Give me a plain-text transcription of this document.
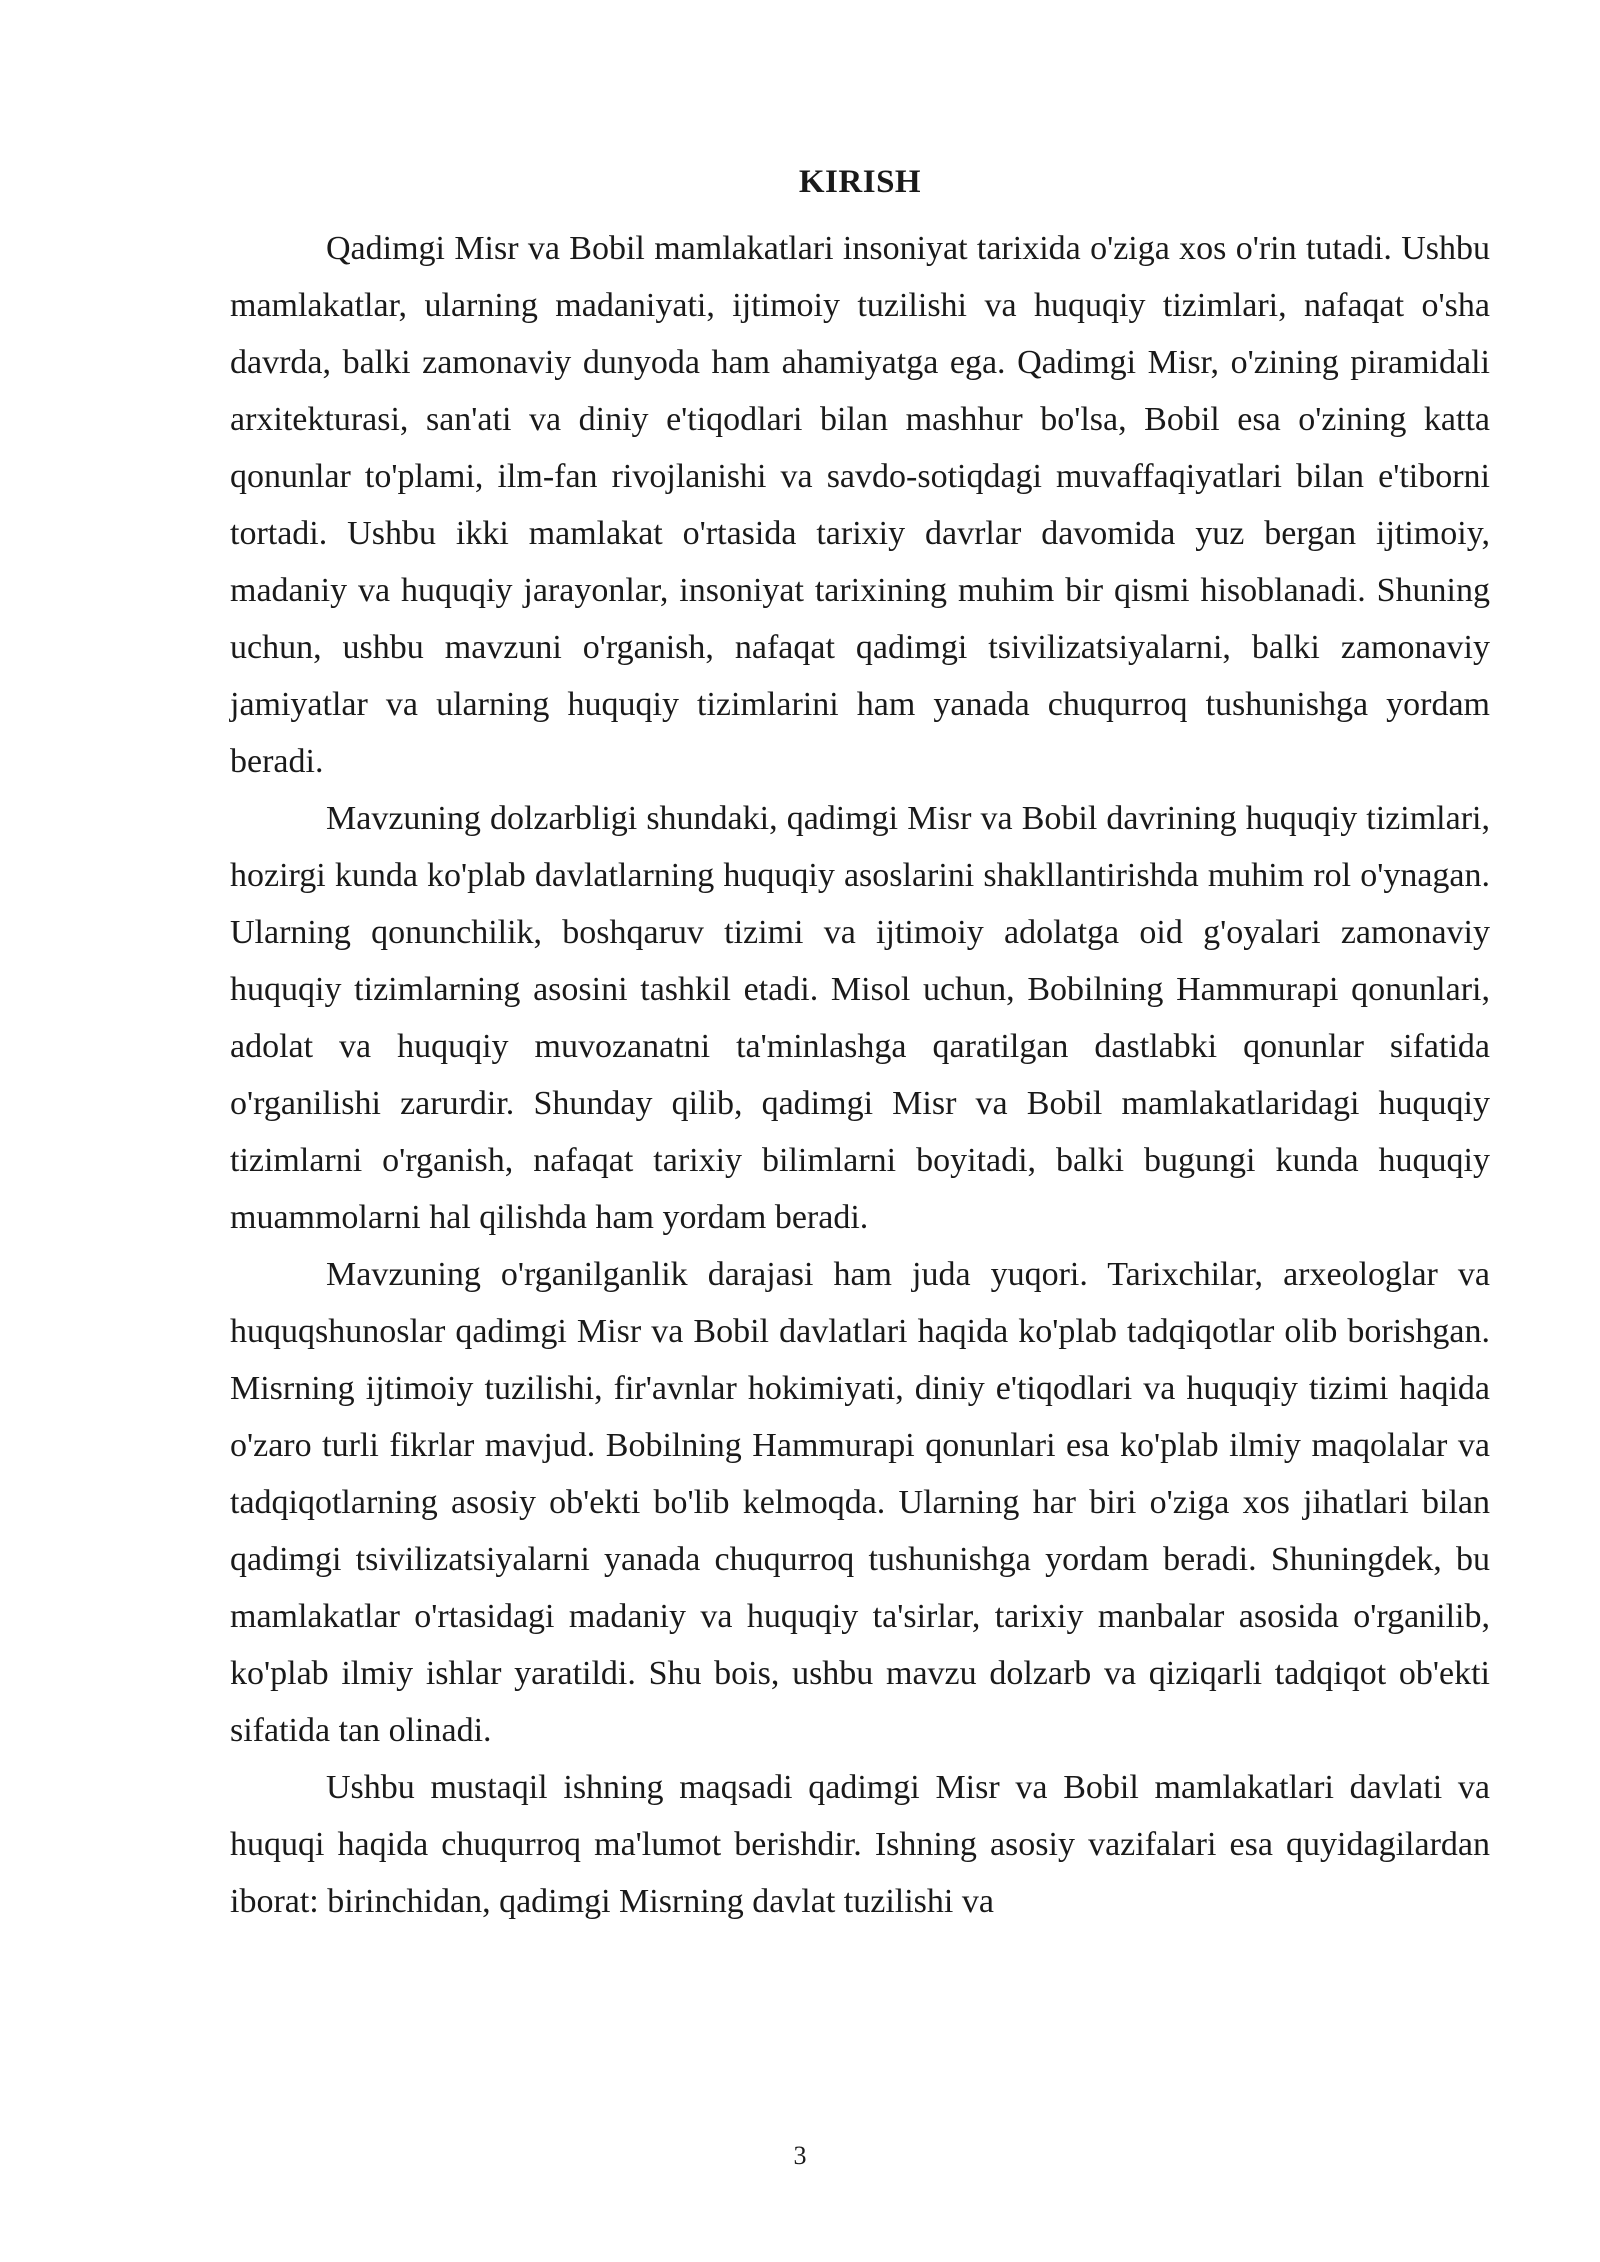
KIRISH

Qadimgi Misr va Bobil mamlakatlari insoniyat tarixida o'ziga xos o'rin tutadi. Ushbu mamlakatlar, ularning madaniyati, ijtimoiy tuzilishi va huquqiy tizimlari, nafaqat o'sha davrda, balki zamonaviy dunyoda ham ahamiyatga ega. Qadimgi Misr, o'zining piramidali arxitekturasi, san'ati va diniy e'tiqodlari bilan mashhur bo'lsa, Bobil esa o'zining katta qonunlar to'plami, ilm-fan rivojlanishi va savdo-sotiqdagi muvaffaqiyatlari bilan e'tiborni tortadi. Ushbu ikki mamlakat o'rtasida tarixiy davrlar davomida yuz bergan ijtimoiy, madaniy va huquqiy jarayonlar, insoniyat tarixining muhim bir qismi hisoblanadi. Shuning uchun, ushbu mavzuni o'rganish, nafaqat qadimgi tsivilizatsiyalarni, balki zamonaviy jamiyatlar va ularning huquqiy tizimlarini ham yanada chuqurroq tushunishga yordam beradi.

Mavzuning dolzarbligi shundaki, qadimgi Misr va Bobil davrining huquqiy tizimlari, hozirgi kunda ko'plab davlatlarning huquqiy asoslarini shakllantirishda muhim rol o'ynagan. Ularning qonunchilik, boshqaruv tizimi va ijtimoiy adolatga oid g'oyalari zamonaviy huquqiy tizimlarning asosini tashkil etadi. Misol uchun, Bobilning Hammurapi qonunlari, adolat va huquqiy muvozanatni ta'minlashga qaratilgan dastlabki qonunlar sifatida o'rganilishi zarurdir. Shunday qilib, qadimgi Misr va Bobil mamlakatlaridagi huquqiy tizimlarni o'rganish, nafaqat tarixiy bilimlarni boyitadi, balki bugungi kunda huquqiy muammolarni hal qilishda ham yordam beradi.

Mavzuning o'rganilganlik darajasi ham juda yuqori. Tarixchilar, arxeologlar va huquqshunoslar qadimgi Misr va Bobil davlatlari haqida ko'plab tadqiqotlar olib borishgan. Misrning ijtimoiy tuzilishi, fir'avnlar hokimiyati, diniy e'tiqodlari va huquqiy tizimi haqida o'zaro turli fikrlar mavjud. Bobilning Hammurapi qonunlari esa ko'plab ilmiy maqolalar va tadqiqotlarning asosiy ob'ekti bo'lib kelmoqda. Ularning har biri o'ziga xos jihatlari bilan qadimgi tsivilizatsiyalarni yanada chuqurroq tushunishga yordam beradi. Shuningdek, bu mamlakatlar o'rtasidagi madaniy va huquqiy ta'sirlar, tarixiy manbalar asosida o'rganilib, ko'plab ilmiy ishlar yaratildi. Shu bois, ushbu mavzu dolzarb va qiziqarli tadqiqot ob'ekti sifatida tan olinadi.

Ushbu mustaqil ishning maqsadi qadimgi Misr va Bobil mamlakatlari davlati va huquqi haqida chuqurroq ma'lumot berishdir. Ishning asosiy vazifalari esa quyidagilardan iborat: birinchidan, qadimgi Misrning davlat tuzilishi va

3
